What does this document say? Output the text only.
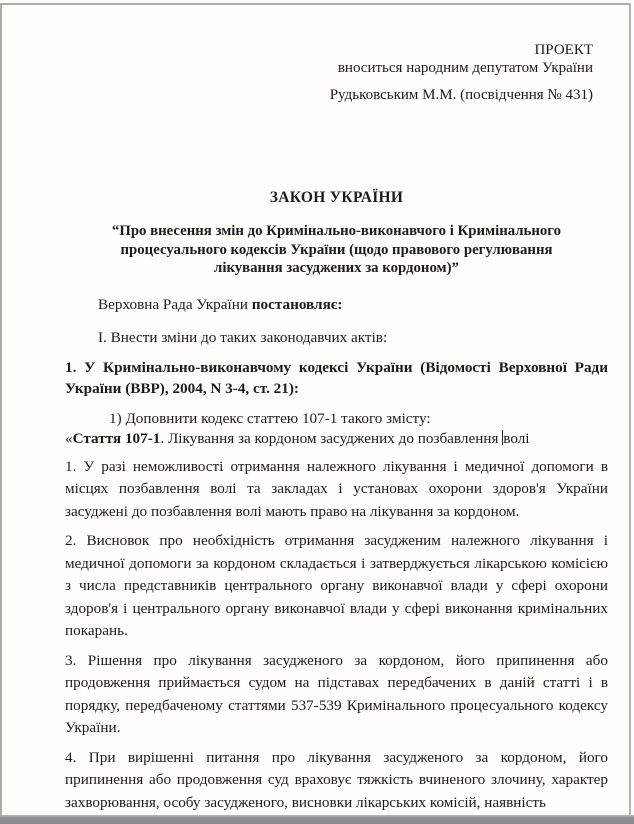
ПРОЕКТ
вноситься народним депутатом України
Рудьковським М.М. (посвідчення № 431)
ЗАКОН УКРАЇНИ
“Про внесення змін до Кримінально-виконавчого і Кримінального процесуального кодексів України (щодо правового регулювання лікування засуджених за кордоном)”
Верховна Рада України постановляє:
І. Внести зміни до таких законодавчих актів:
1. У Кримінально-виконавчому кодексі України (Відомості Верховної Ради України (ВВР), 2004, N 3-4, ст. 21):
1) Доповнити кодекс статтею 107-1 такого змісту:
«Стаття 107-1. Лікування за кордоном засуджених до позбавлення волі
1. У разі неможливості отримання належного лікування і медичної допомоги в місцях позбавлення волі та закладах і установах охорони здоров'я України засуджені до позбавлення волі мають право на лікування за кордоном.
2. Висновок про необхідність отримання засудженим належного лікування і медичної допомоги за кордоном складається і затверджується лікарською комісією з числа представників центрального органу виконавчої влади у сфері охорони здоров'я і центрального органу виконавчої влади у сфері виконання кримінальних покарань.
3. Рішення про лікування засудженого за кордоном, його припинення або продовження приймається судом на підставах передбачених в даній статті і в порядку, передбаченому статтями 537-539 Кримінального процесуального кодексу України.
4. При вирішенні питання про лікування засудженого за кордоном, його припинення або продовження суд враховує тяжкість вчиненого злочину, характер захворювання, особу засудженого, висновки лікарських комісій, наявність
